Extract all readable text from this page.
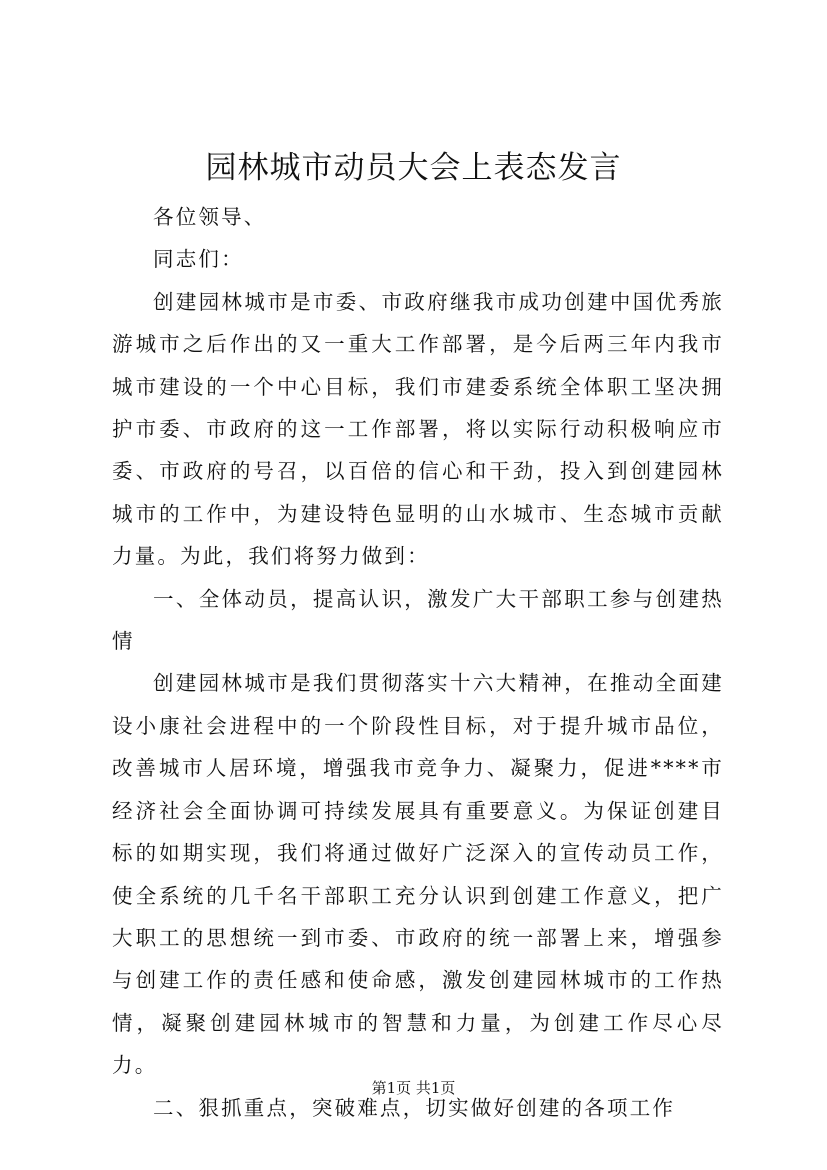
园林城市动员大会上表态发言

各位领导、

同志们：

创建园林城市是市委、市政府继我市成功创建中国优秀旅游城市之后作出的又一重大工作部署，是今后两三年内我市城市建设的一个中心目标，我们市建委系统全体职工坚决拥护市委、市政府的这一工作部署，将以实际行动积极响应市委、市政府的号召，以百倍的信心和干劲，投入到创建园林城市的工作中，为建设特色显明的山水城市、生态城市贡献力量。为此，我们将努力做到：

一、全体动员，提高认识，激发广大干部职工参与创建热情

创建园林城市是我们贯彻落实十六大精神，在推动全面建设小康社会进程中的一个阶段性目标，对于提升城市品位，改善城市人居环境，增强我市竞争力、凝聚力，促进****市经济社会全面协调可持续发展具有重要意义。为保证创建目标的如期实现，我们将通过做好广泛深入的宣传动员工作，使全系统的几千名干部职工充分认识到创建工作意义，把广大职工的思想统一到市委、市政府的统一部署上来，增强参与创建工作的责任感和使命感，激发创建园林城市的工作热情，凝聚创建园林城市的智慧和力量，为创建工作尽心尽力。

二、狠抓重点，突破难点，切实做好创建的各项工作

第1页 共1页
